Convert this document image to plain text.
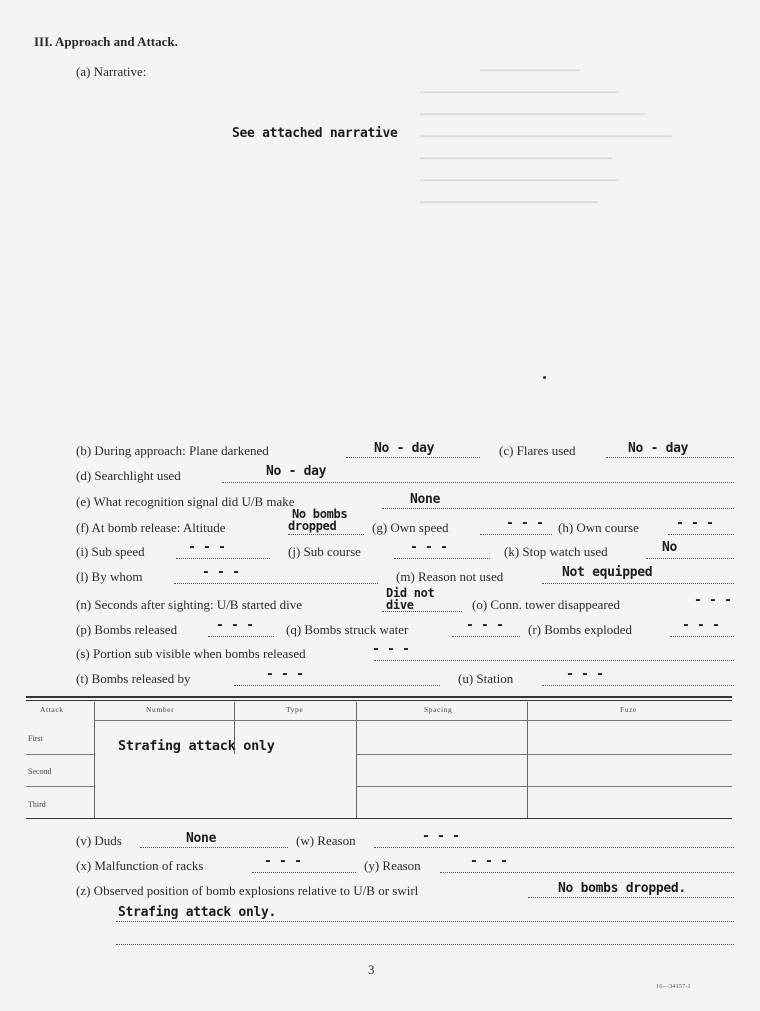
━━━━━━━━━━━━━━━
━━━━━━━━━━━━━━━━━━━━━━━━━━━━━━
━━━━━━━━━━━━━━━━━━━━━━━━━━━━━━━━━━
━━━━━━━━━━━━━━━━━━━━━━━━━━━━━━━━━━━━━━
━━━━━━━━━━━━━━━━━━━━━━━━━━━━━
━━━━━━━━━━━━━━━━━━━━━━━━━━━━━━
━━━━━━━━━━━━━━━━━━━━━━━━━━━
III. Approach and Attack.
(a) Narrative:
See attached narrative
(b) During approach: Plane darkened	No - day	(c) Flares used	No - day
(d) Searchlight used	No - day
(e) What recognition signal did U/B make	None
(f) At bomb release: Altitude
No bombs
dropped	(g) Own speed	- - - (h) Own course	- - -
(i) Sub speed	- - -	(j) Sub course	- - -	(k) Stop watch used	No
(l) By whom	- - -	(m) Reason not used	Not equipped
(n) Seconds after sighting: U/B started dive
Did not
dive	(o) Conn. tower disappeared	- - -
(p) Bombs released	- - - (q) Bombs struck water	- - - (r) Bombs exploded	- - -
(s) Portion sub visible when bombs released	- - -
(t) Bombs released by	- - -	(u) Station	- - -
Attack	Number	Type	Spacing	Fuze
First
Second
Third
Strafing attack only
(v) Duds	None	(w) Reason	- - -
(x) Malfunction of racks	- - -	(y) Reason	- - -
(z) Observed position of bomb explosions relative to U/B or swirl	No bombs dropped.
Strafing attack only.
3
16—34157-1
